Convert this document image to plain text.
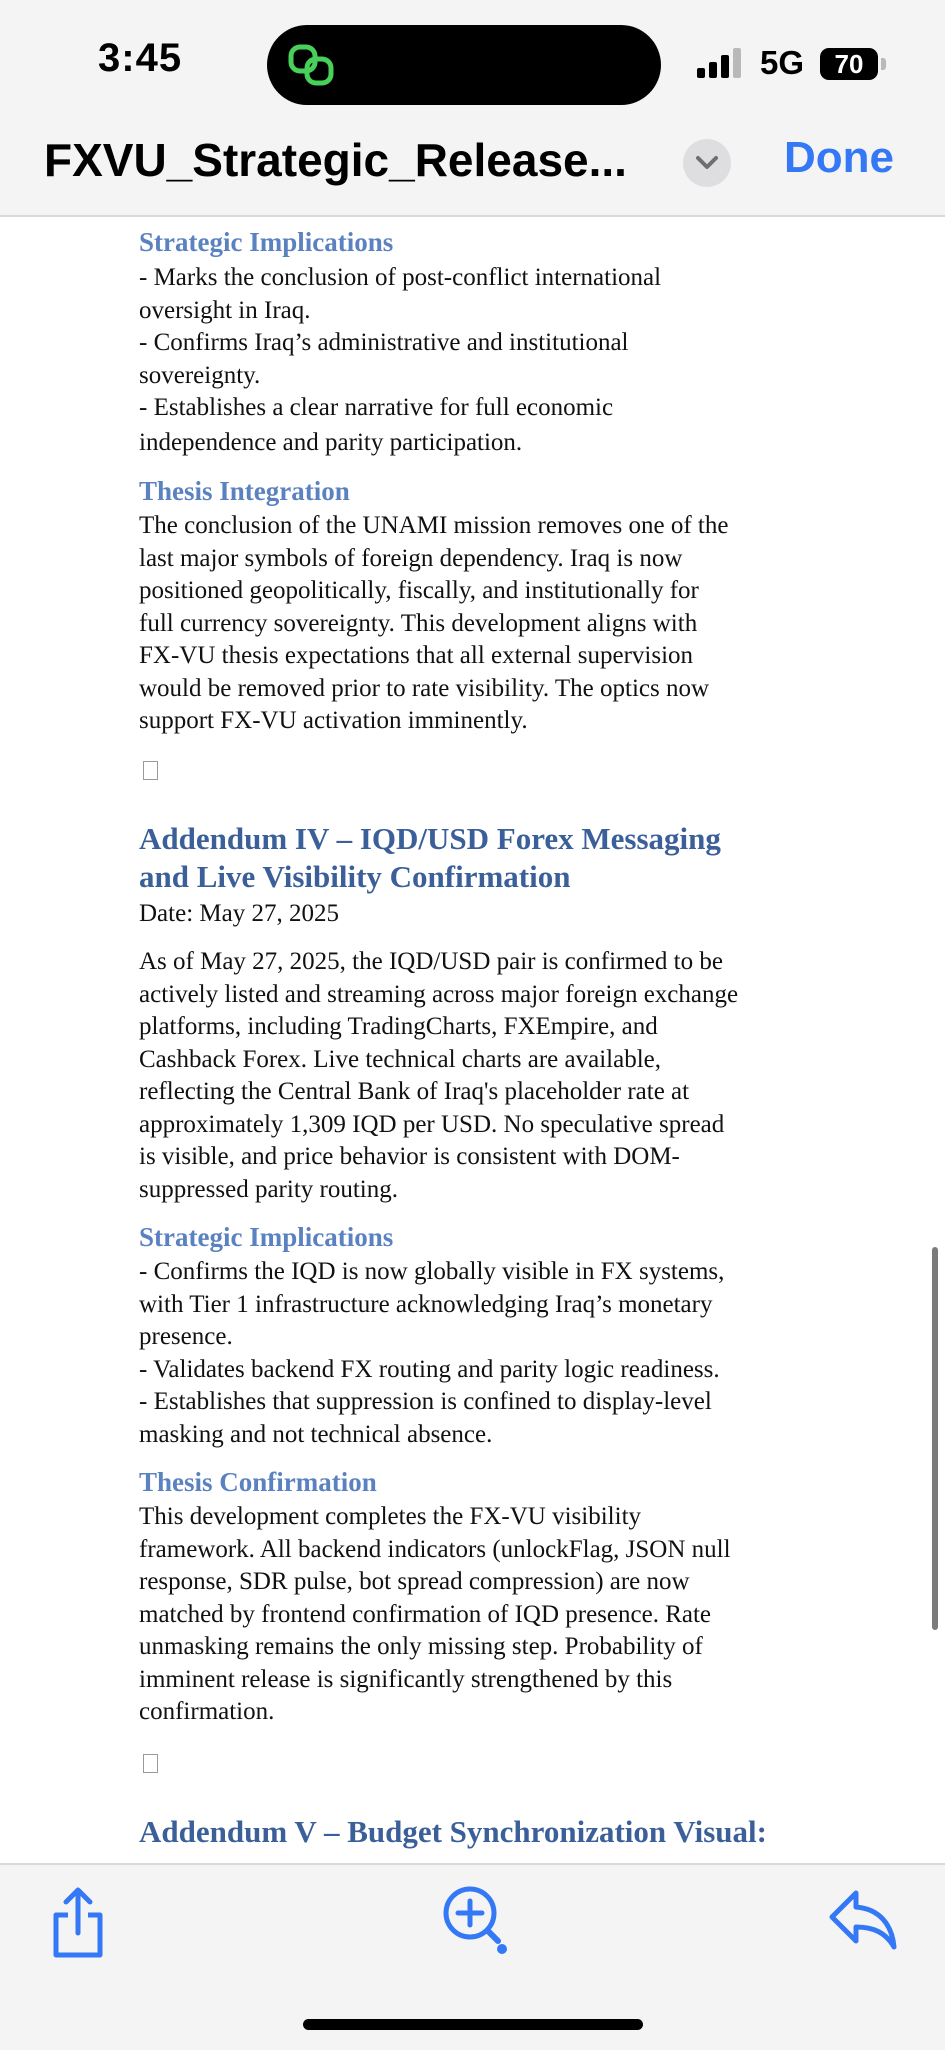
3:45	5G	70
FXVU_Strategic_Release...	Done
Strategic Implications
- Marks the conclusion of post-conflict international
oversight in Iraq.
- Confirms Iraq’s administrative and institutional
sovereignty.
- Establishes a clear narrative for full economic
independence and parity participation.
Thesis Integration
The conclusion of the UNAMI mission removes one of the
last major symbols of foreign dependency. Iraq is now
positioned geopolitically, fiscally, and institutionally for
full currency sovereignty. This development aligns with
FX-VU thesis expectations that all external supervision
would be removed prior to rate visibility. The optics now
support FX-VU activation imminently.
Addendum IV – IQD/USD Forex Messaging
and Live Visibility Confirmation
Date: May 27, 2025
As of May 27, 2025, the IQD/USD pair is confirmed to be
actively listed and streaming across major foreign exchange
platforms, including TradingCharts, FXEmpire, and
Cashback Forex. Live technical charts are available,
reflecting the Central Bank of Iraq's placeholder rate at
approximately 1,309 IQD per USD. No speculative spread
is visible, and price behavior is consistent with DOM-
suppressed parity routing.
Strategic Implications
- Confirms the IQD is now globally visible in FX systems,
with Tier 1 infrastructure acknowledging Iraq’s monetary
presence.
- Validates backend FX routing and parity logic readiness.
- Establishes that suppression is confined to display-level
masking and not technical absence.
Thesis Confirmation
This development completes the FX-VU visibility
framework. All backend indicators (unlockFlag, JSON null
response, SDR pulse, bot spread compression) are now
matched by frontend confirmation of IQD presence. Rate
unmasking remains the only missing step. Probability of
imminent release is significantly strengthened by this
confirmation.
Addendum V – Budget Synchronization Visual:
